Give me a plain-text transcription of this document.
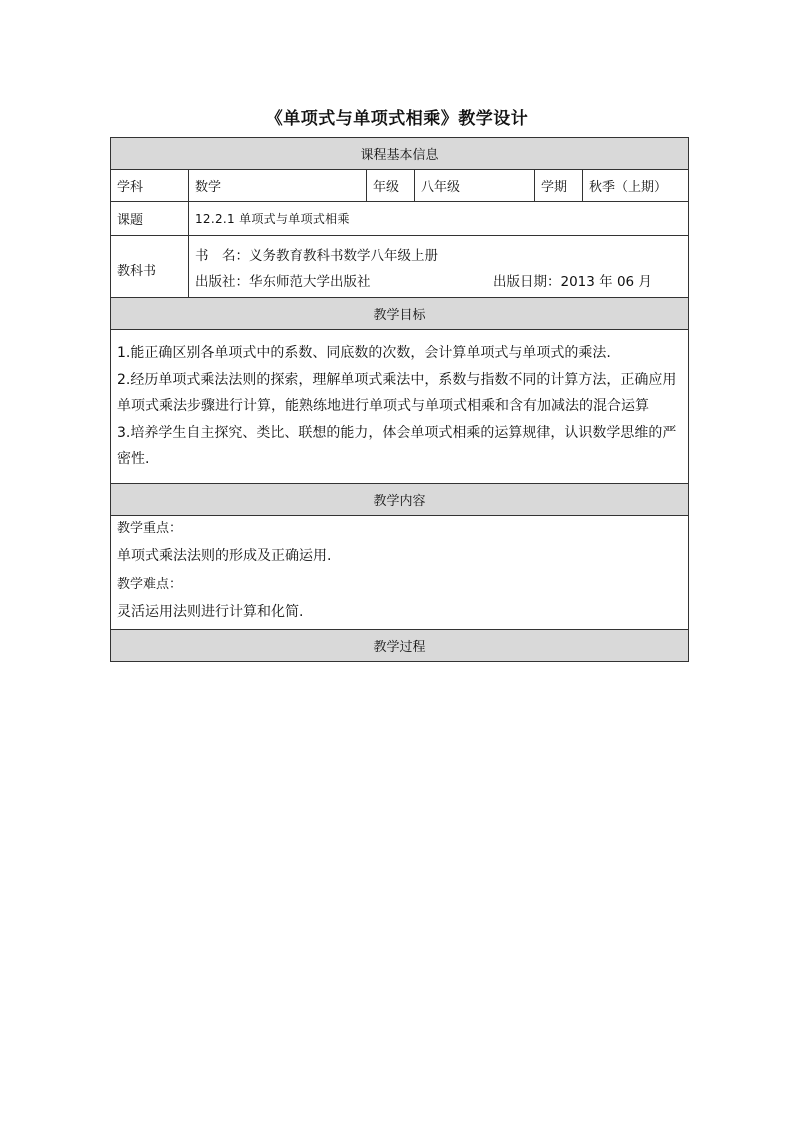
《单项式与单项式相乘》教学设计
课程基本信息					
学科	数学	年级	八年级	学期	秋季（上期）
课题	12.2.1 单项式与单项式相乘				

教科书	书　名：义务教育教科书数学八年级上册
出版社：华东师范大学出版社 出版日期：2013 年 06 月				

教学目标					

1.能正确区别各单项式中的系数、同底数的次数，会计算单项式与单项式的乘法.
2.经历单项式乘法法则的探索，理解单项式乘法中，系数与指数不同的计算方法，正确应用单项式乘法步骤进行计算，能熟练地进行单项式与单项式相乘和含有加减法的混合运算
3.培养学生自主探究、类比、联想的能力，体会单项式相乘的运算规律，认识数学思维的严密性.					

教学内容					

教学重点：
单项式乘法法则的形成及正确运用.
教学难点：
灵活运用法则进行计算和化简.					

教学过程					
